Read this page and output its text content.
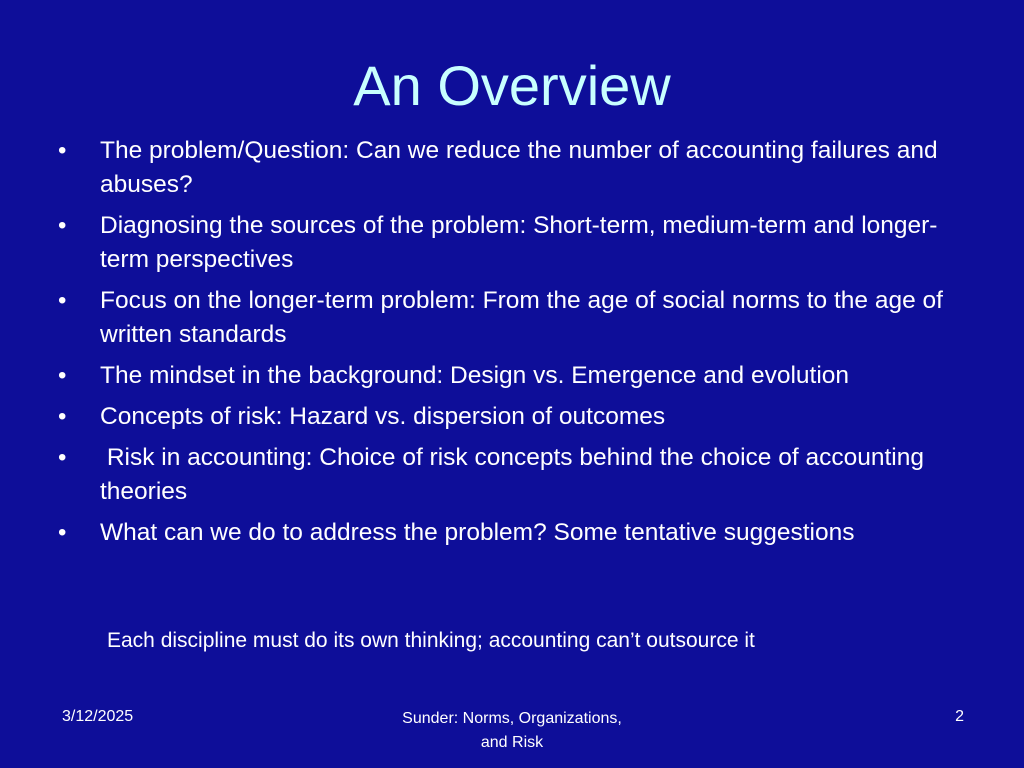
An Overview
•	The problem/Question: Can we reduce the number of accounting failures and abuses?
•	Diagnosing the sources of the problem: Short-term, medium-term and longer-term perspectives
•	Focus on the longer-term problem: From the age of social norms to the age of written standards
•	The mindset in the background: Design vs. Emergence and evolution
•	Concepts of risk: Hazard vs. dispersion of outcomes
•	Risk in accounting: Choice of risk concepts behind the choice of accounting theories
•	What can we do to address the problem? Some tentative suggestions
Each discipline must do its own thinking; accounting can’t outsource it
3/12/2025	Sunder: Norms, Organizations,
and Risk
2
